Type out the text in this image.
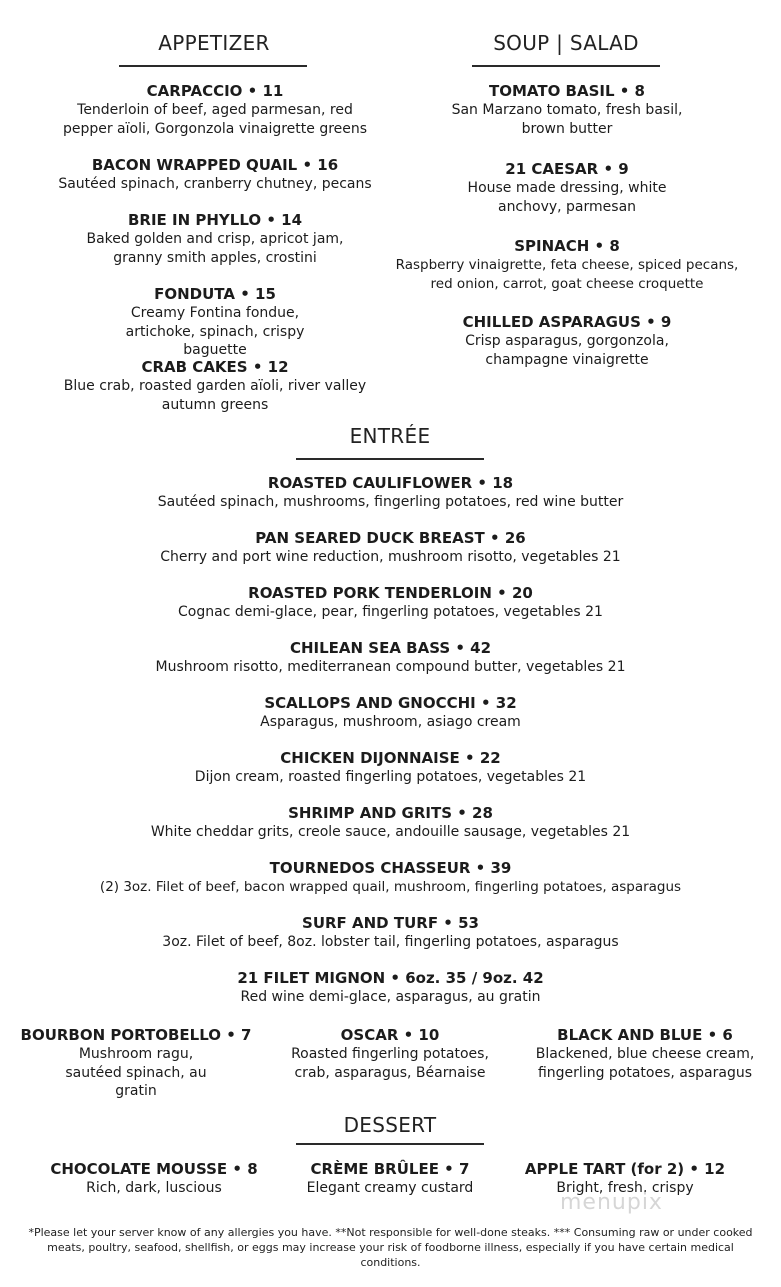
APPETIZER
CARPACCIO • 11
Tenderloin of beef, aged parmesan, red pepper aïoli, Gorgonzola vinaigrette greens
BACON WRAPPED QUAIL • 16
Sautéed spinach, cranberry chutney, pecans
BRIE IN PHYLLO • 14
Baked golden and crisp, apricot jam, granny smith apples, crostini
FONDUTA • 15
Creamy Fontina fondue, artichoke, spinach, crispy baguette
CRAB CAKES • 12
Blue crab, roasted garden aïoli, river valley autumn greens
SOUP | SALAD
TOMATO BASIL • 8
San Marzano tomato, fresh basil, brown butter
21 CAESAR • 9
House made dressing, white anchovy, parmesan
SPINACH • 8
Raspberry vinaigrette, feta cheese, spiced pecans, red onion, carrot, goat cheese croquette
CHILLED ASPARAGUS • 9
Crisp asparagus, gorgonzola, champagne vinaigrette
ENTRÉE
ROASTED CAULIFLOWER • 18
Sautéed spinach, mushrooms, fingerling potatoes, red wine butter
PAN SEARED DUCK BREAST • 26
Cherry and port wine reduction, mushroom risotto, vegetables 21
ROASTED PORK TENDERLOIN • 20
Cognac demi-glace, pear, fingerling potatoes, vegetables 21
CHILEAN SEA BASS • 42
Mushroom risotto, mediterranean compound butter, vegetables 21
SCALLOPS AND GNOCCHI • 32
Asparagus, mushroom, asiago cream
CHICKEN DIJONNAISE • 22
Dijon cream, roasted fingerling potatoes, vegetables 21
SHRIMP AND GRITS • 28
White cheddar grits, creole sauce, andouille sausage, vegetables 21
TOURNEDOS CHASSEUR • 39
(2) 3oz. Filet of beef, bacon wrapped quail, mushroom, fingerling potatoes, asparagus
SURF AND TURF • 53
3oz. Filet of beef, 8oz. lobster tail, fingerling potatoes, asparagus
21 FILET MIGNON • 6oz. 35 / 9oz. 42
Red wine demi-glace, asparagus, au gratin
BOURBON PORTOBELLO • 7
Mushroom ragu, sautéed spinach, au gratin
OSCAR • 10
Roasted fingerling potatoes, crab, asparagus, Béarnaise
BLACK AND BLUE • 6
Blackened, blue cheese cream, fingerling potatoes, asparagus
DESSERT
CHOCOLATE MOUSSE • 8
Rich, dark, luscious
CRÈME BRÛLEE • 7
Elegant creamy custard
APPLE TART (for 2) • 12
Bright, fresh, crispy
menupix
*Please let your server know of any allergies you have. **Not responsible for well-done steaks. *** Consuming raw or under cooked meats, poultry, seafood, shellfish, or eggs may increase your risk of foodborne illness, especially if you have certain medical conditions.
